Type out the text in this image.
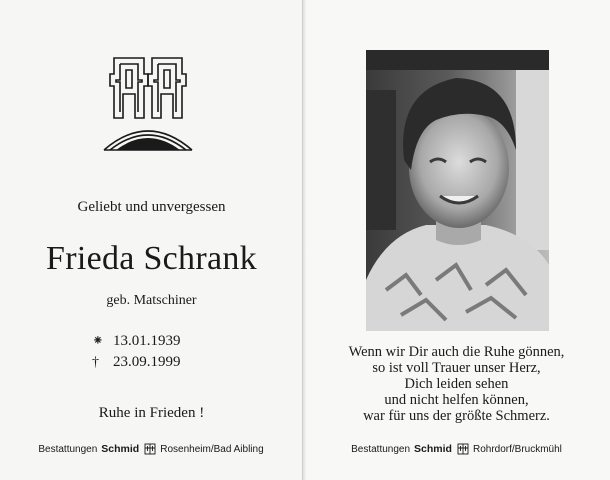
Geliebt und unvergessen
Frieda Schrank
geb. Matschiner
⁕ 13.01.1939
† 23.09.1999
Ruhe in Frieden !
Bestattungen Schmid Rosenheim/Bad Aibling
Wenn wir Dir auch die Ruhe gönnen,
so ist voll Trauer unser Herz,
Dich leiden sehen
und nicht helfen können,
war für uns der größte Schmerz.
Bestattungen Schmid Rohrdorf/Bruckmühl
